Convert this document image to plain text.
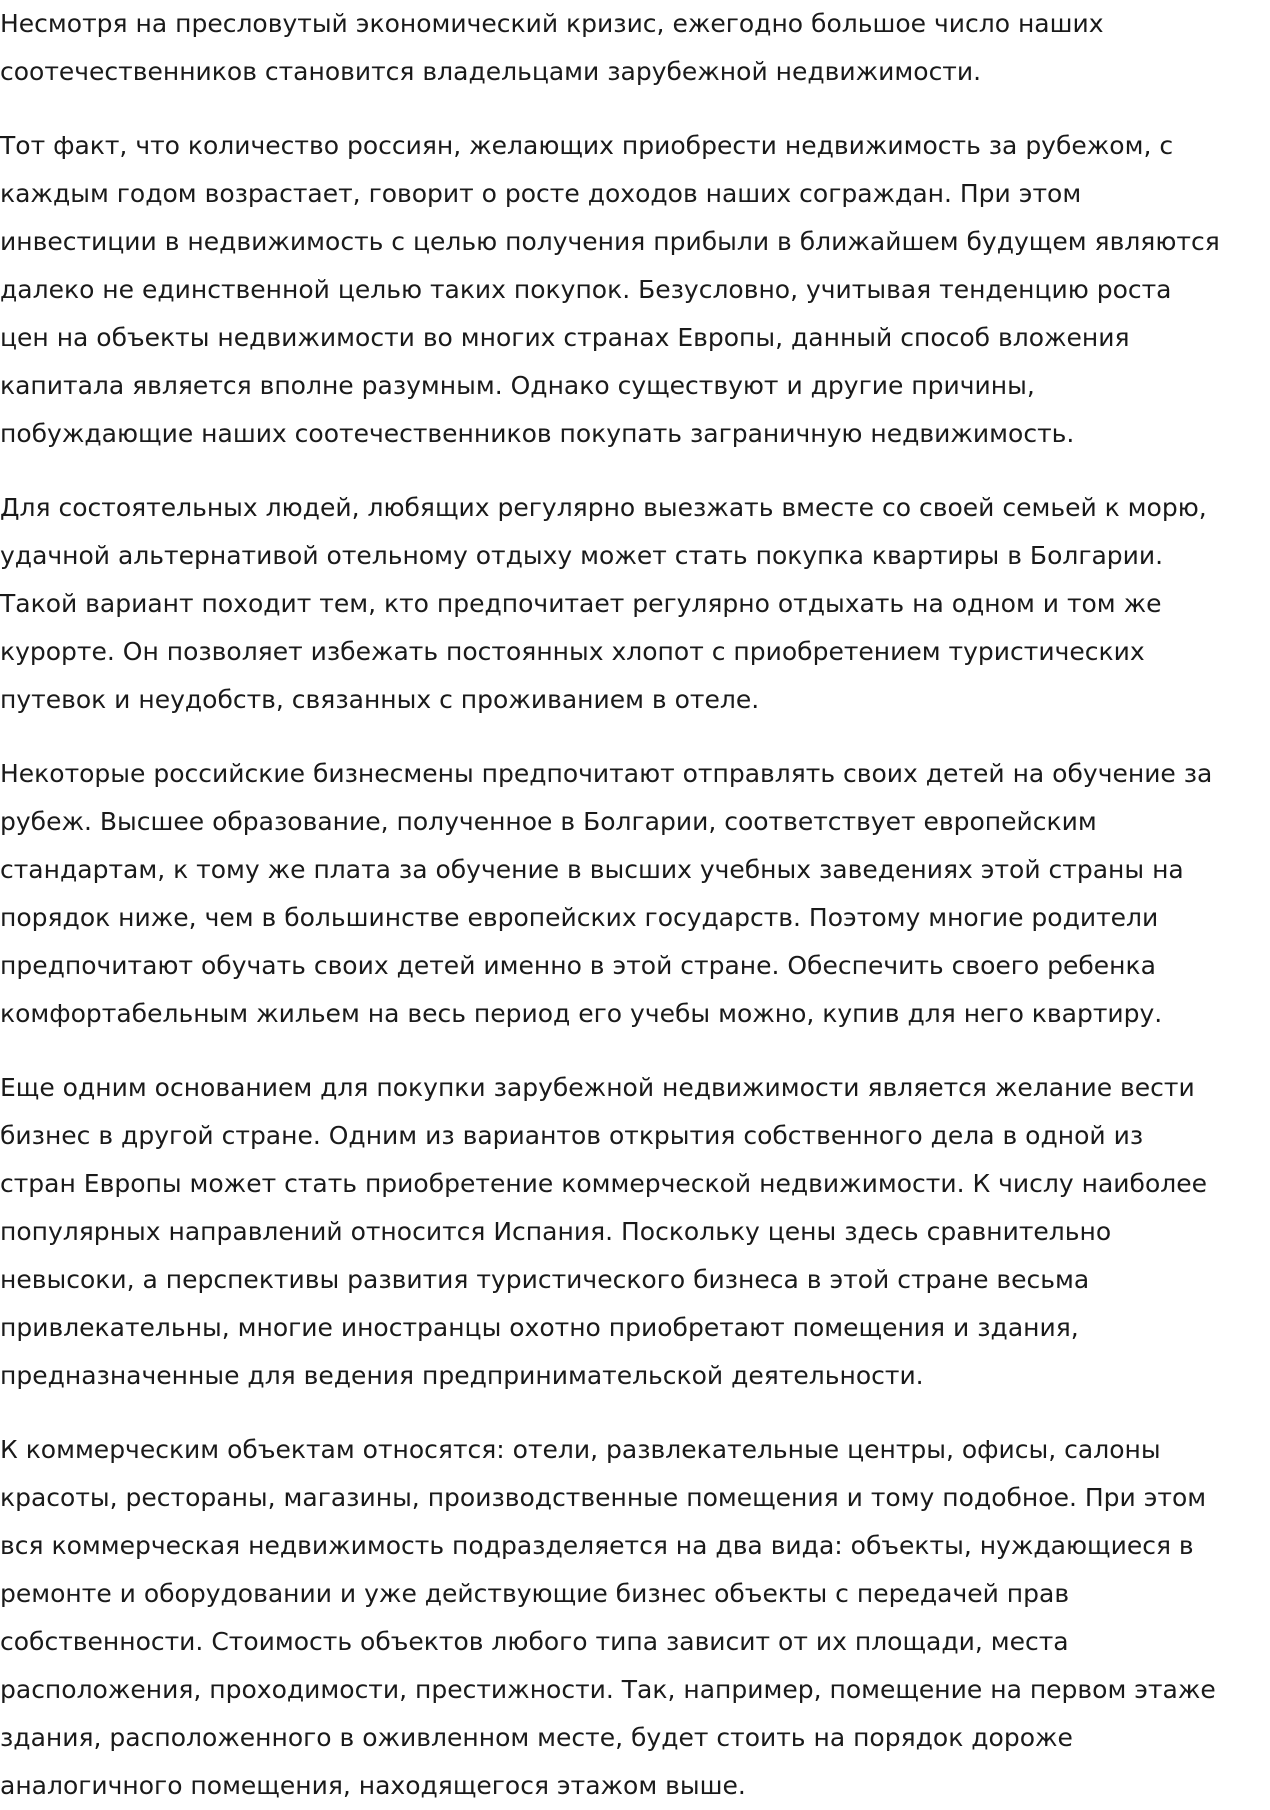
Несмотря на пресловутый экономический кризис, ежегодно большое число наших
соотечественников становится владельцами зарубежной недвижимости.

Тот факт, что количество россиян, желающих приобрести недвижимость за рубежом, с
каждым годом возрастает, говорит о росте доходов наших сограждан. При этом
инвестиции в недвижимость с целью получения прибыли в ближайшем будущем являются
далеко не единственной целью таких покупок. Безусловно, учитывая тенденцию роста
цен на объекты недвижимости во многих странах Европы, данный способ вложения
капитала является вполне разумным. Однако существуют и другие причины,
побуждающие наших соотечественников покупать заграничную недвижимость.

Для состоятельных людей, любящих регулярно выезжать вместе со своей семьей к морю,
удачной альтернативой отельному отдыху может стать покупка квартиры в Болгарии.
Такой вариант походит тем, кто предпочитает регулярно отдыхать на одном и том же
курорте. Он позволяет избежать постоянных хлопот с приобретением туристических
путевок и неудобств, связанных с проживанием в отеле.

Некоторые российские бизнесмены предпочитают отправлять своих детей на обучение за
рубеж. Высшее образование, полученное в Болгарии, соответствует европейским
стандартам, к тому же плата за обучение в высших учебных заведениях этой страны на
порядок ниже, чем в большинстве европейских государств. Поэтому многие родители
предпочитают обучать своих детей именно в этой стране. Обеспечить своего ребенка
комфортабельным жильем на весь период его учебы можно, купив для него квартиру.

Еще одним основанием для покупки зарубежной недвижимости является желание вести
бизнес в другой стране. Одним из вариантов открытия собственного дела в одной из
стран Европы может стать приобретение коммерческой недвижимости. К числу наиболее
популярных направлений относится Испания. Поскольку цены здесь сравнительно
невысоки, а перспективы развития туристического бизнеса в этой стране весьма
привлекательны, многие иностранцы охотно приобретают помещения и здания,
предназначенные для ведения предпринимательской деятельности.

К коммерческим объектам относятся: отели, развлекательные центры, офисы, салоны
красоты, рестораны, магазины, производственные помещения и тому подобное. При этом
вся коммерческая недвижимость подразделяется на два вида: объекты, нуждающиеся в
ремонте и оборудовании и уже действующие бизнес объекты с передачей прав
собственности. Стоимость объектов любого типа зависит от их площади, места
расположения, проходимости, престижности. Так, например, помещение на первом этаже
здания, расположенного в оживленном месте, будет стоить на порядок дороже
аналогичного помещения, находящегося этажом выше.
